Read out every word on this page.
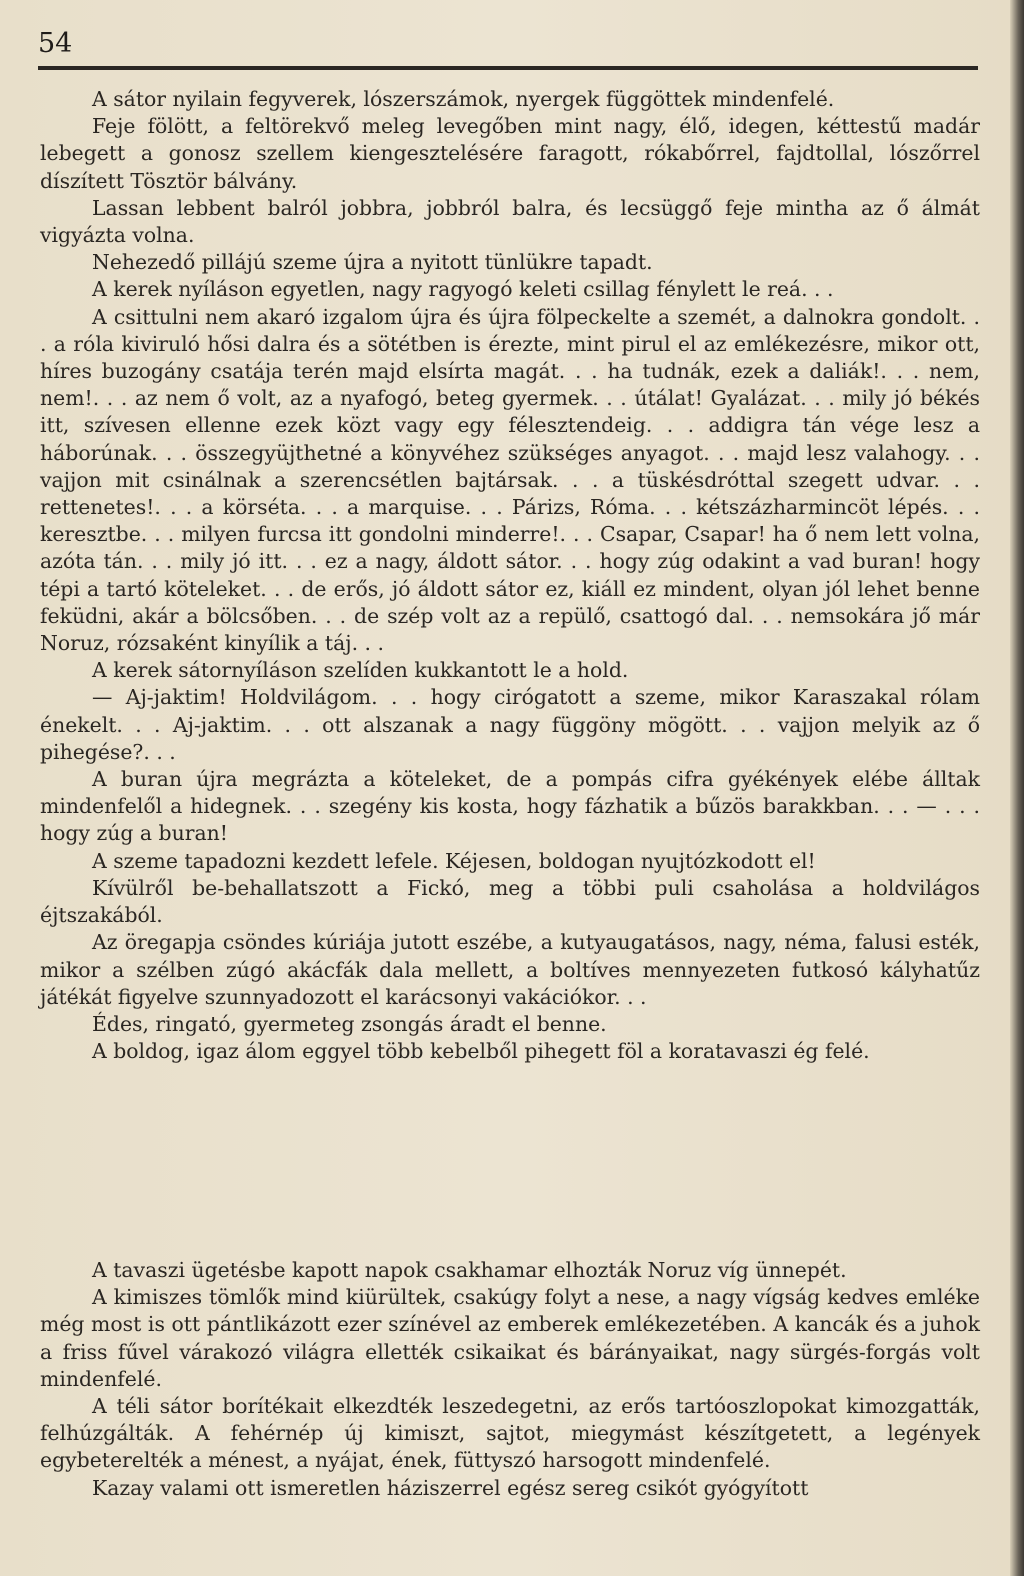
54

A sátor nyilain fegyverek, lószerszámok, nyergek függöttek mindenfelé.

Feje fölött, a feltörekvő meleg levegőben mint nagy, élő, idegen, kéttestű madár lebegett a gonosz szellem kiengesztelésére faragott, rókabőrrel, fajdtollal, lószőrrel díszített Tösztör bálvány.

Lassan lebbent balról jobbra, jobbról balra, és lecsüggő feje mintha az ő álmát vigyázta volna.

Nehezedő pillájú szeme újra a nyitott tünlükre tapadt.

A kerek nyíláson egyetlen, nagy ragyogó keleti csillag fénylett le reá. . .

A csittulni nem akaró izgalom újra és újra fölpeckelte a szemét, a dalnokra gondolt. . . a róla kiviruló hősi dalra és a sötétben is érezte, mint pirul el az emlékezésre, mikor ott, híres buzogány csatája terén majd elsírta magát. . . ha tudnák, ezek a daliák!. . . nem, nem!. . . az nem ő volt, az a nyafogó, beteg gyermek. . . útálat! Gyalázat. . . mily jó békés itt, szívesen ellenne ezek közt vagy egy félesztendeig. . . addigra tán vége lesz a háborúnak. . . összegyüjthetné a könyvéhez szükséges anyagot. . . majd lesz valahogy. . . vajjon mit csinálnak a szerencsétlen bajtársak. . . a tüskésdróttal szegett udvar. . . rettenetes!. . . a körséta. . . a marquise. . . Párizs, Róma. . . kétszázharmincöt lépés. . . keresztbe. . . milyen furcsa itt gondolni minderre!. . . Csapar, Csapar! ha ő nem lett volna, azóta tán. . . mily jó itt. . . ez a nagy, áldott sátor. . . hogy zúg odakint a vad buran! hogy tépi a tartó köteleket. . . de erős, jó áldott sátor ez, kiáll ez mindent, olyan jól lehet benne feküdni, akár a bölcsőben. . . de szép volt az a repülő, csattogó dal. . . nemsokára jő már Noruz, rózsaként kinyílik a táj. . .

A kerek sátornyíláson szelíden kukkantott le a hold.

— Aj-jaktim! Holdvilágom. . . hogy cirógatott a szeme, mikor Karaszakal rólam énekelt. . . Aj-jaktim. . . ott alszanak a nagy függöny mögött. . . vajjon melyik az ő pihegése?. . .

A buran újra megrázta a köteleket, de a pompás cifra gyékények elébe álltak mindenfelől a hidegnek. . . szegény kis kosta, hogy fázhatik a bűzös barakkban. . . — . . . hogy zúg a buran!

A szeme tapadozni kezdett lefele. Kéjesen, boldogan nyujtózkodott el!

Kívülről be-behallatszott a Fickó, meg a többi puli csaholása a holdvilágos éjtszakából.

Az öregapja csöndes kúriája jutott eszébe, a kutyaugatásos, nagy, néma, falusi esték, mikor a szélben zúgó akácfák dala mellett, a boltíves mennyezeten futkosó kályhatűz játékát figyelve szunnyadozott el karácsonyi vakációkor. . .

Édes, ringató, gyermeteg zsongás áradt el benne.

A boldog, igaz álom eggyel több kebelből pihegett föl a koratavaszi ég felé.

A tavaszi ügetésbe kapott napok csakhamar elhozták Noruz víg ünnepét.

A kimiszes tömlők mind kiürültek, csakúgy folyt a nese, a nagy vígság kedves emléke még most is ott pántlikázott ezer színével az emberek emlékezetében. A kancák és a juhok a friss fűvel várakozó világra ellették csikaikat és bárányaikat, nagy sürgés-forgás volt mindenfelé.

A téli sátor borítékait elkezdték leszedegetni, az erős tartóoszlopokat kimozgatták, felhúzgálták. A fehérnép új kimiszt, sajtot, miegymást készítgetett, a legények egybeterelték a ménest, a nyájat, ének, füttyszó harsogott mindenfelé.

Kazay valami ott ismeretlen háziszerrel egész sereg csikót gyógyított
